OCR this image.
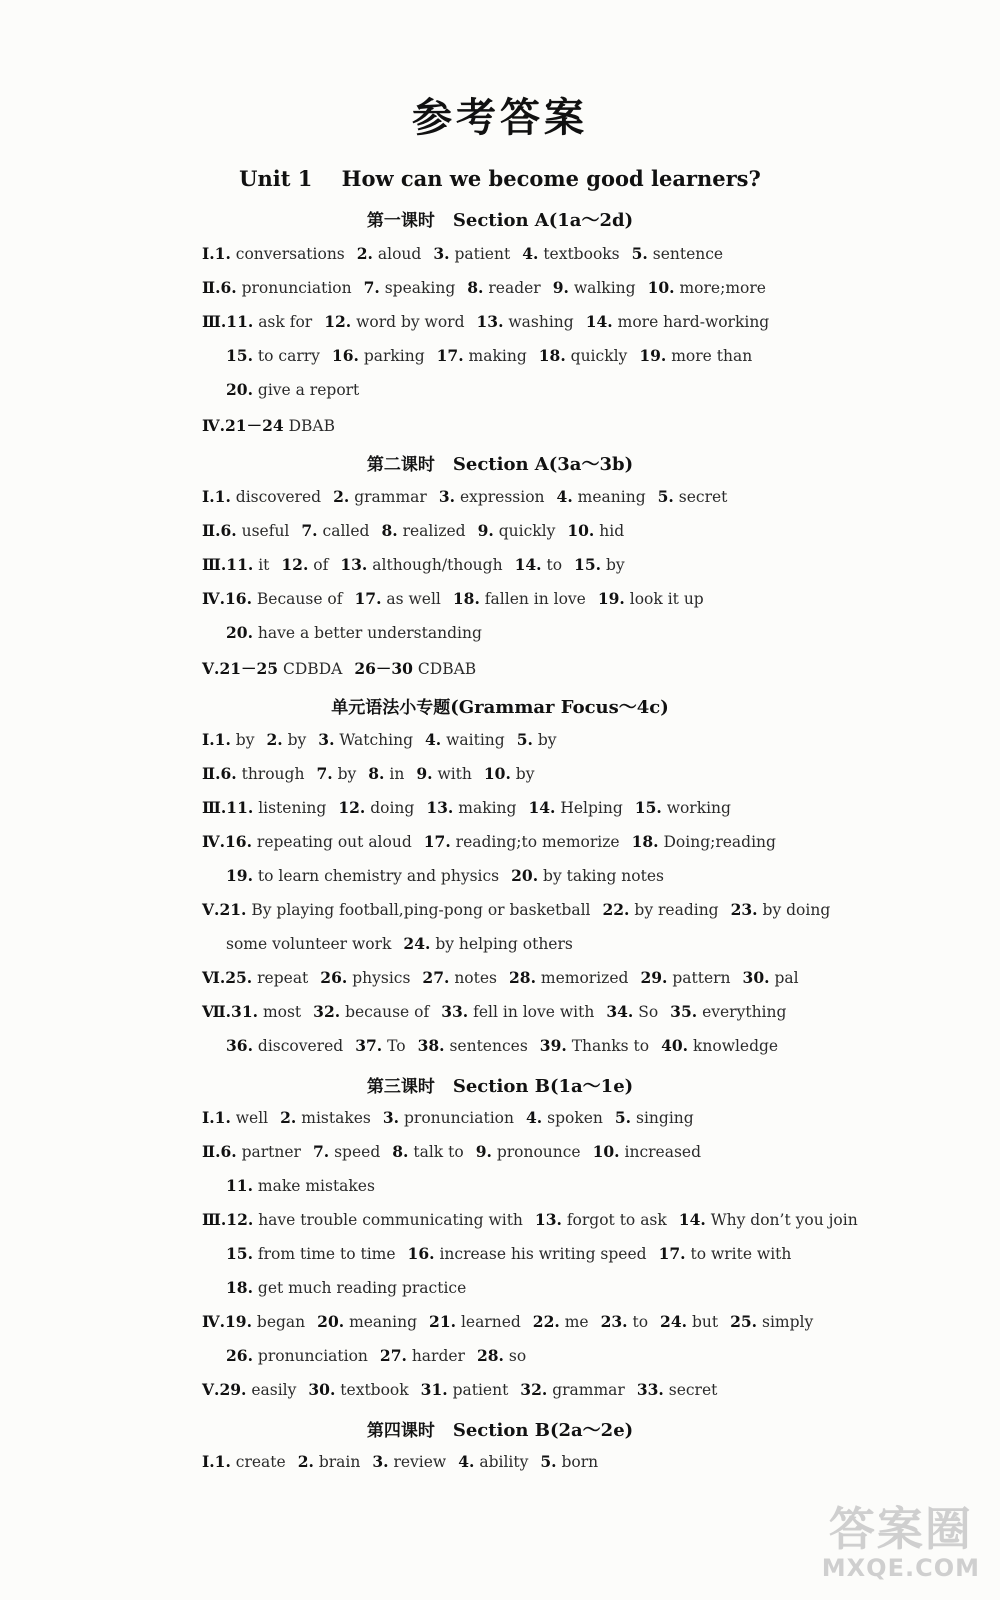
参考答案
Unit 1    How can we become good learners?
第一课时 Section A(1a～2d)
Ⅰ.1. conversations 2. aloud 3. patient 4. textbooks 5. sentence
Ⅱ.6. pronunciation 7. speaking 8. reader 9. walking 10. more;more
Ⅲ.11. ask for 12. word by word 13. washing 14. more hard-working
15. to carry 16. parking 17. making 18. quickly 19. more than
20. give a report
Ⅳ.21－24 DBAB
第二课时 Section A(3a～3b)
Ⅰ.1. discovered 2. grammar 3. expression 4. meaning 5. secret
Ⅱ.6. useful 7. called 8. realized 9. quickly 10. hid
Ⅲ.11. it 12. of 13. although/though 14. to 15. by
Ⅳ.16. Because of 17. as well 18. fallen in love 19. look it up
20. have a better understanding
Ⅴ.21－25 CDBDA 26－30 CDBAB
单元语法小专题(Grammar Focus～4c)
Ⅰ.1. by 2. by 3. Watching 4. waiting 5. by
Ⅱ.6. through 7. by 8. in 9. with 10. by
Ⅲ.11. listening 12. doing 13. making 14. Helping 15. working
Ⅳ.16. repeating out aloud 17. reading;to memorize 18. Doing;reading
19. to learn chemistry and physics 20. by taking notes
Ⅴ.21. By playing football,ping-pong or basketball 22. by reading 23. by doing
some volunteer work 24. by helping others
Ⅵ.25. repeat 26. physics 27. notes 28. memorized 29. pattern 30. pal
Ⅶ.31. most 32. because of 33. fell in love with 34. So 35. everything
36. discovered 37. To 38. sentences 39. Thanks to 40. knowledge
第三课时 Section B(1a～1e)
Ⅰ.1. well 2. mistakes 3. pronunciation 4. spoken 5. singing
Ⅱ.6. partner 7. speed 8. talk to 9. pronounce 10. increased
11. make mistakes
Ⅲ.12. have trouble communicating with 13. forgot to ask 14. Why don’t you join
15. from time to time 16. increase his writing speed 17. to write with
18. get much reading practice
Ⅳ.19. began 20. meaning 21. learned 22. me 23. to 24. but 25. simply
26. pronunciation 27. harder 28. so
Ⅴ.29. easily 30. textbook 31. patient 32. grammar 33. secret
第四课时 Section B(2a～2e)
Ⅰ.1. create 2. brain 3. review 4. ability 5. born
答案圈
MXQE.COM
